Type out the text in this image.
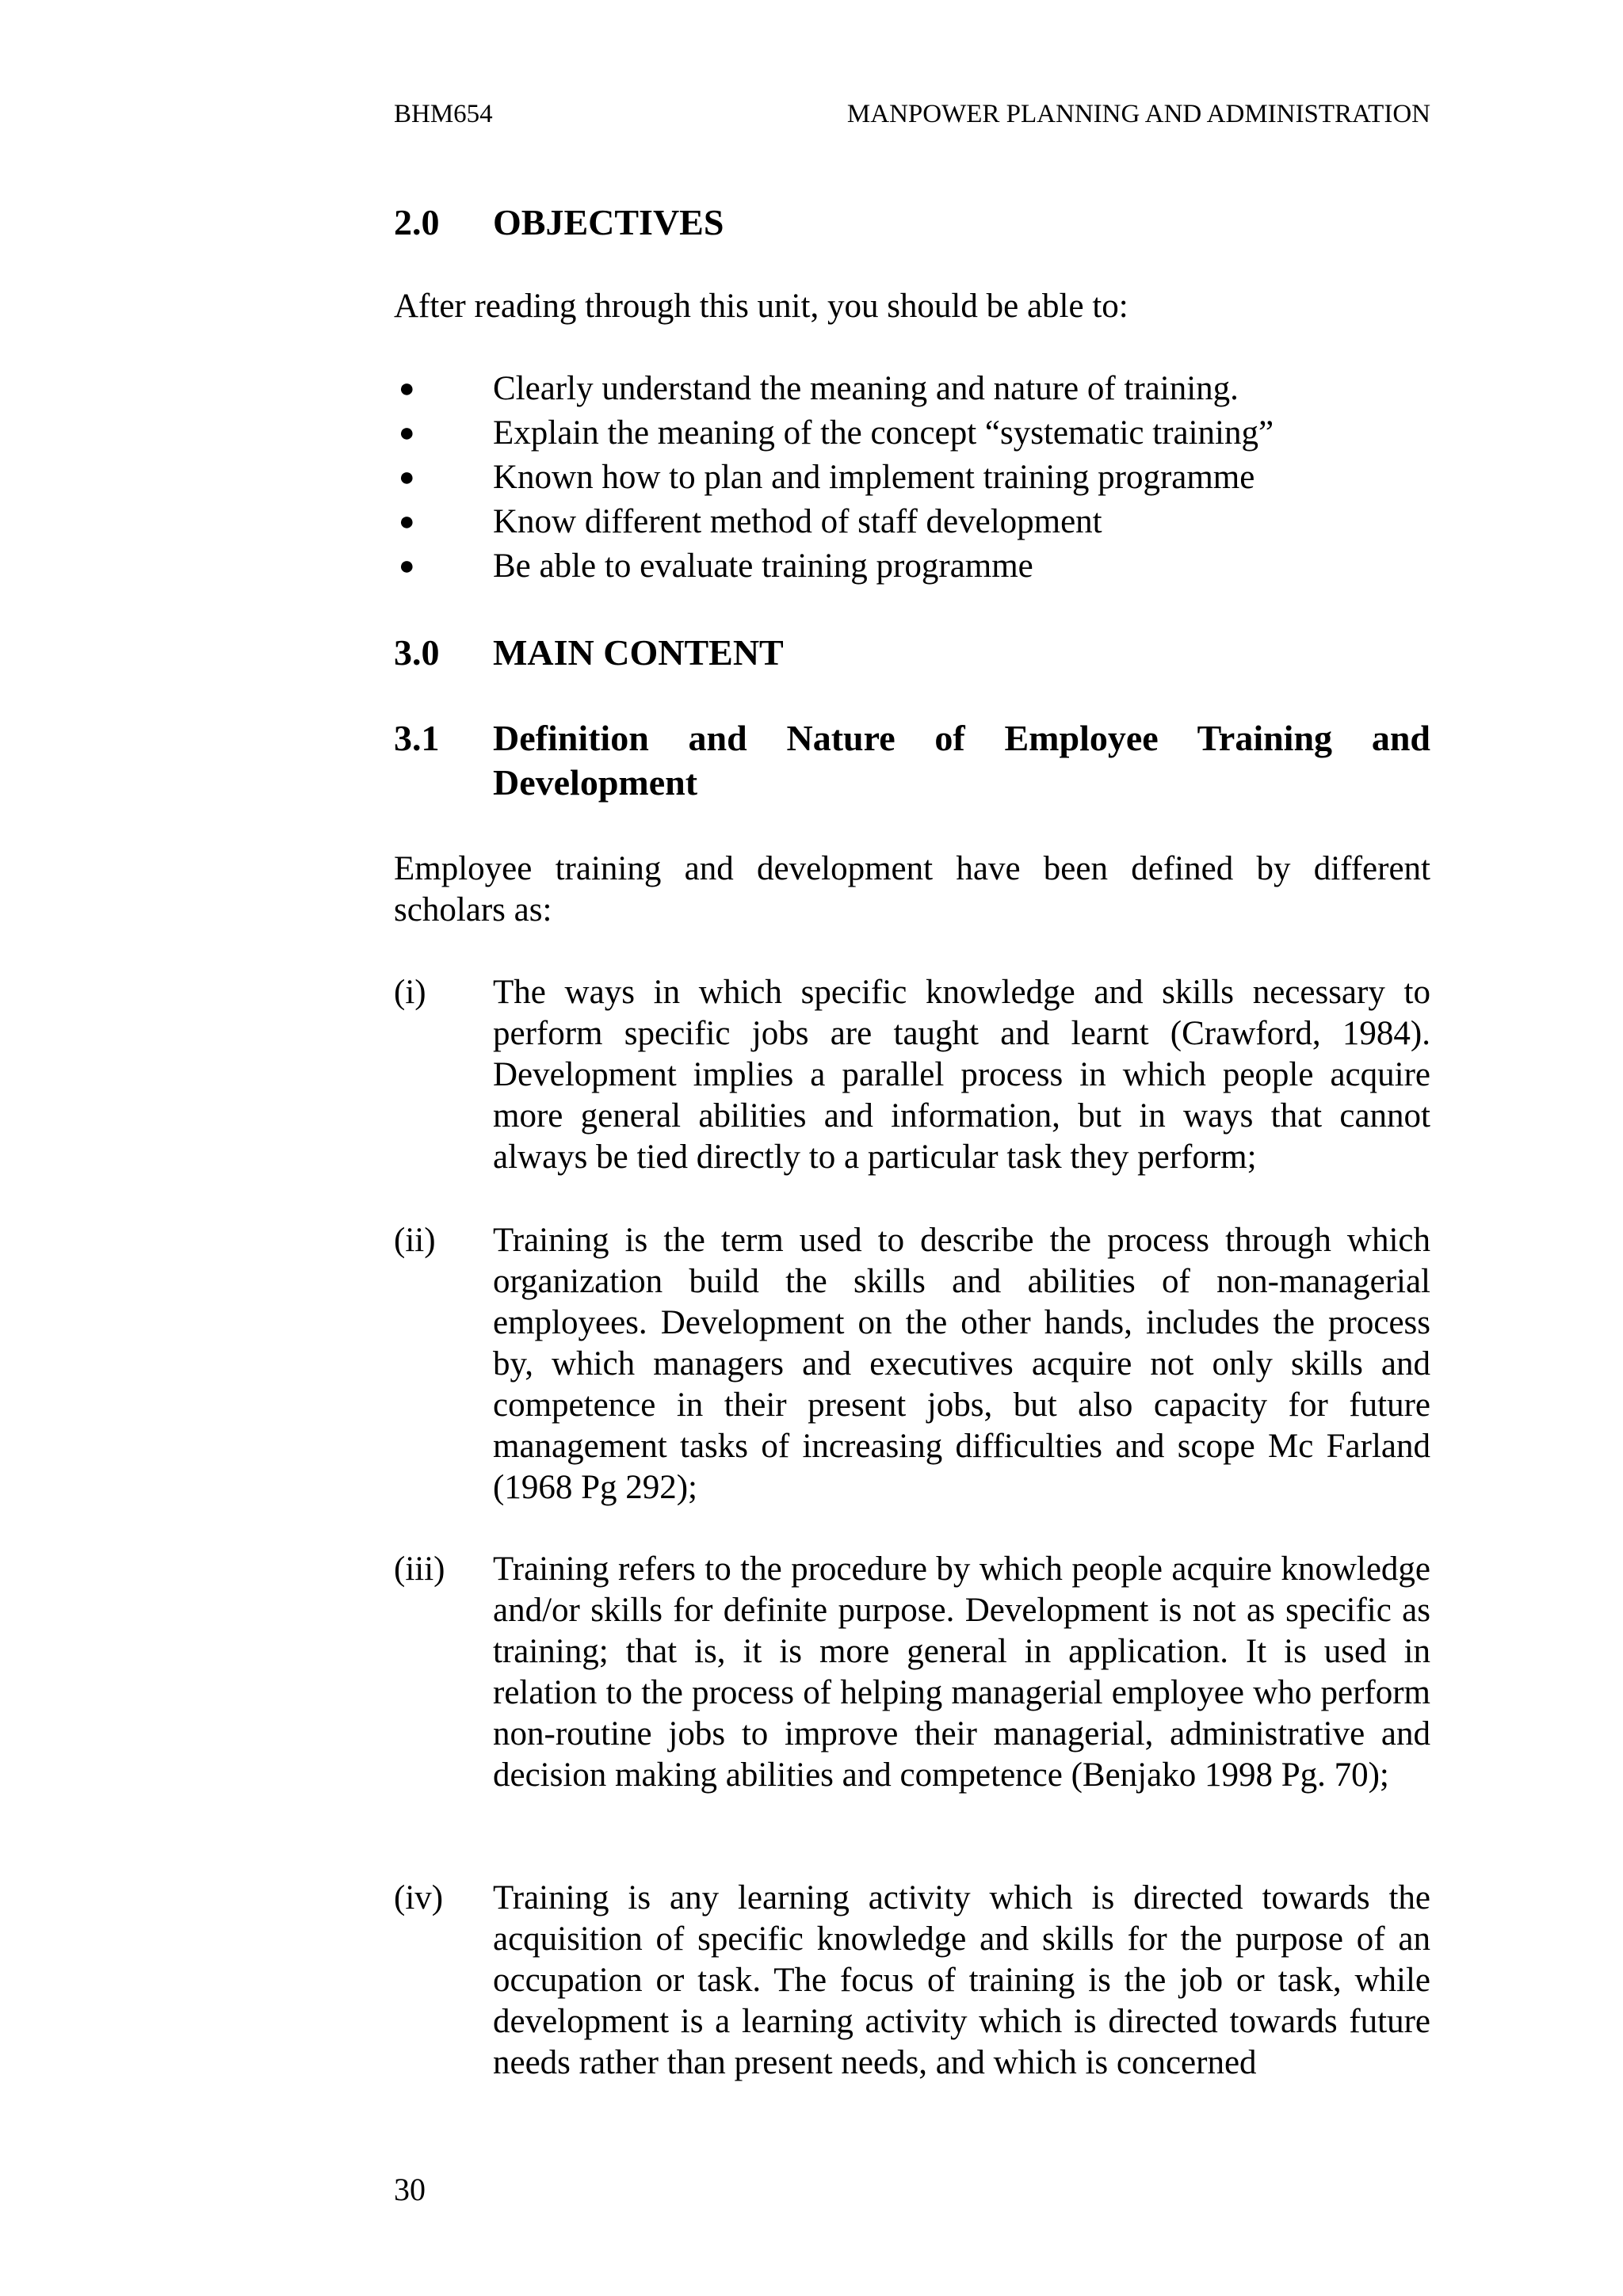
BHM654	MANPOWER PLANNING AND ADMINISTRATION
2.0 OBJECTIVES

After reading through this unit, you should be able to:

● Clearly understand the meaning and nature of training.
● Explain the meaning of the concept “systematic training”
● Known how to plan and implement training programme
● Know different method of staff development
● Be able to evaluate training programme
3.0 MAIN CONTENT
3.1 Definition and Nature of Employee Training and Development

Employee training and development have been defined by different scholars as:

(i) The ways in which specific knowledge and skills necessary to perform specific jobs are taught and learnt (Crawford, 1984). Development implies a parallel process in which people acquire more general abilities and information, but in ways that cannot always be tied directly to a particular task they perform;

(ii) Training is the term used to describe the process through which organization build the skills and abilities of non-managerial employees. Development on the other hands, includes the process by, which managers and executives acquire not only skills and competence in their present jobs, but also capacity for future management tasks of increasing difficulties and scope Mc Farland (1968 Pg 292);

(iii) Training refers to the procedure by which people acquire knowledge and/or skills for definite purpose. Development is not as specific as training; that is, it is more general in application. It is used in relation to the process of helping managerial employee who perform non-routine jobs to improve their managerial, administrative and decision making abilities and competence (Benjako 1998 Pg. 70);

(iv) Training is any learning activity which is directed towards the acquisition of specific knowledge and skills for the purpose of an occupation or task. The focus of training is the job or task, while development is a learning activity which is directed towards future needs rather than present needs, and which is concerned

30
